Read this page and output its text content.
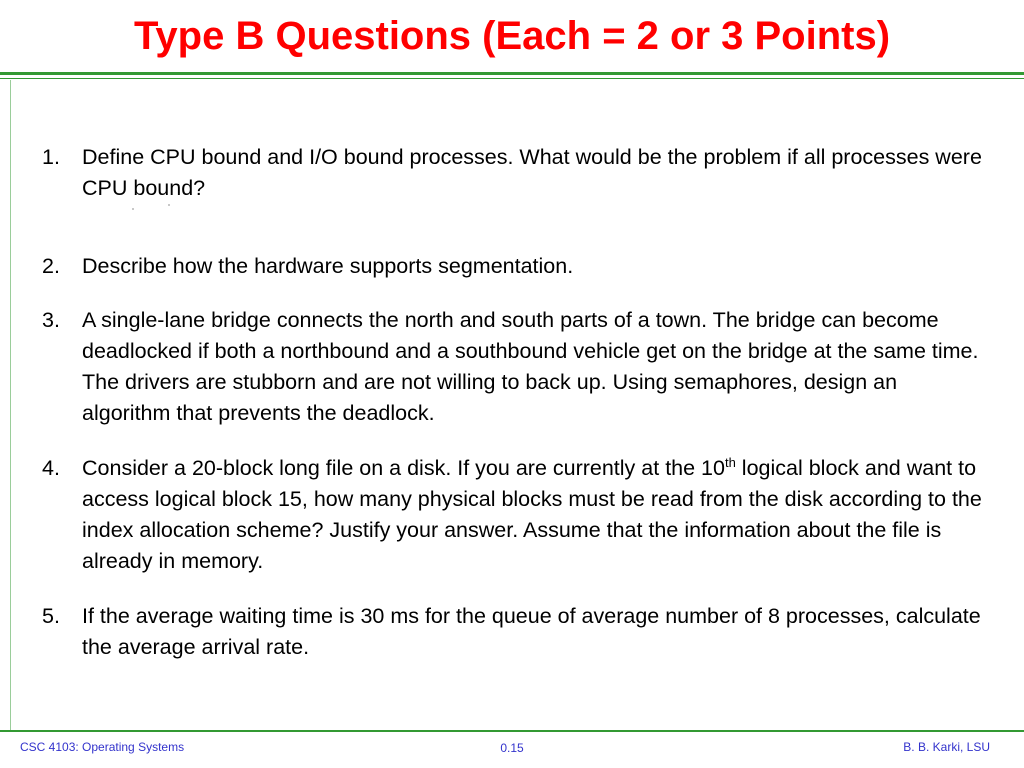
Type B Questions (Each = 2 or 3 Points)
1. Define CPU bound and I/O bound processes. What would be the problem if all processes were CPU bound?
2. Describe how the hardware supports segmentation.
3. A single-lane bridge connects the north and south parts of a town. The bridge can become deadlocked if both a northbound and a southbound vehicle get on the bridge at the same time. The drivers are stubborn and are not willing to back up. Using semaphores, design an algorithm that prevents the deadlock.
4. Consider a 20-block long file on a disk. If you are currently at the 10th logical block and want to access logical block 15, how many physical blocks must be read from the disk according to the index allocation scheme? Justify your answer. Assume that the information about the file is already in memory.
5. If the average waiting time is 30 ms for the queue of average number of 8 processes, calculate the average arrival rate.
CSC 4103: Operating Systems	0.15	B. B. Karki, LSU
